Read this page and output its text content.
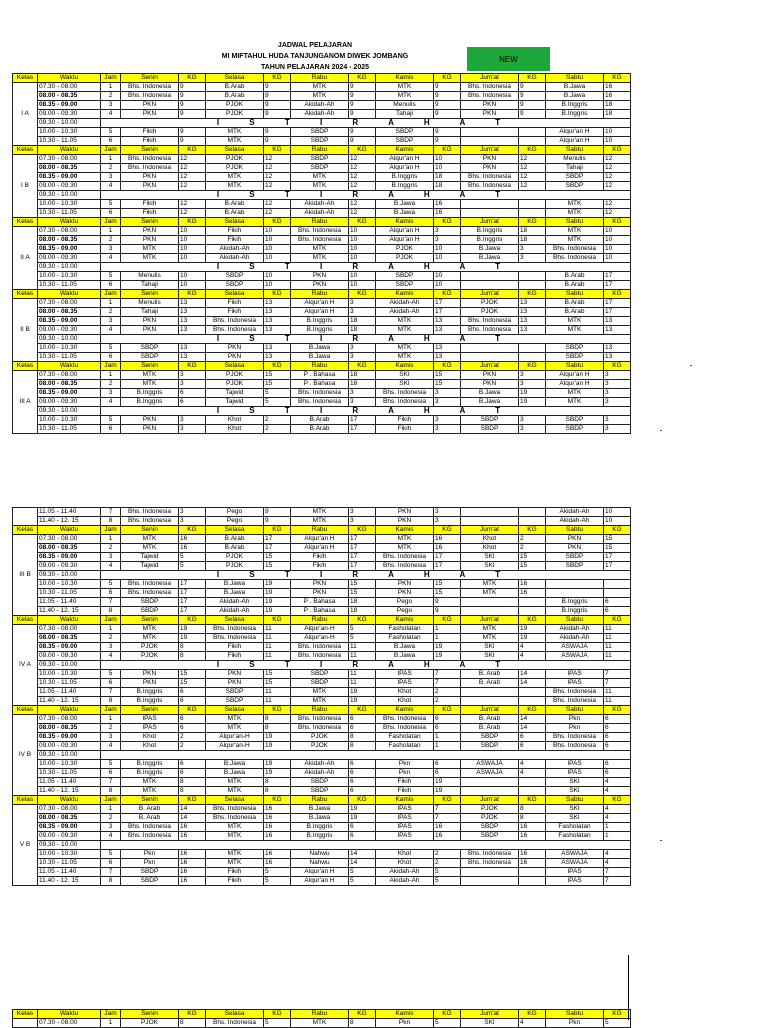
JADWAL PELAJARAN
MI MIFTAHUL HUDA TANJUNGANOM DIWEK JOMBANG
TAHUN PELAJARAN 2024 - 2025
NEW
Kelas	Waktu	Jam	Senin	KG	Selasa	KG	Rabu	KG	Kamis	KG	Jum'at	KG	Sabtu	KG
I A	07.30 - 08.00	1	Bhs. Indonesia	9	B.Arab	9	MTK	9	MTK	9	Bhs. Indonesia	9	B.Jawa	16
	08.00 - 08.35	2	Bhs. Indonesia	9	B.Arab	9	MTK	9	MTK	9	Bhs. Indonesia	9	B.Jawa	16
	08.35 - 09.00	3	PKN	9	PJOK	9	Akidah-Ah	9	Menulis	9	PKN	9	B.Inggris	18
	09.00 - 09.30	4	PKN	9	PJOK	9	Akidah-Ah	9	Tahaji	9	PKN	9	B.Inggris	18
	09.30 - 10.00	I S T I R A H A T												
	10.00 - 10.30	5	Fikih	9	MTK	9	SBDP	9	SBDP	9			Alqur'an H	10
	10.30 - 11.05	6	Fikih	9	MTK	9	SBDP	9	SBDP	9			Alqur'an H	10
Kelas	Waktu	Jam	Senin	KG	Selasa	KG	Rabu	KG	Kamis	KG	Jum'at	KG	Sabtu	KG
I B	07.30 - 08.00	1	Bhs. Indonesia	12	PJOK	12	SBDP	12	Alqur'an H	10	PKN	12	Menulis	12
	08.00 - 08.35	2	Bhs. Indonesia	12	PJOK	12	SBDP	12	Alqur'an H	10	PKN	12	Tahaji	12
	08.35 - 09.00	3	PKN	12	MTK	12	MTK	12	B.Inggris	18	Bhs. Indonesia	12	SBDP	12
	09.00 - 09.30	4	PKN	12	MTK	12	MTK	12	B.Inggris	18	Bhs. Indonesia	12	SBDP	12
	09.30 - 10.00	I S T I R A H A T												
	10.00 - 10.30	5	Fikih	12	B.Arab	12	Akidah-Ah	12	B.Jawa	16			MTK	12
	10.30 - 11.05	6	Fikih	12	B.Arab	12	Akidah-Ah	12	B.Jawa	16			MTK	12
Kelas	Waktu	Jam	Senin	KG	Selasa	KG	Rabu	KG	Kamis	KG	Jum'at	KG	Sabtu	KG
II A	07.30 - 08.00	1	PKN	10	Fikih	10	Bhs. Indonesia	10	Alqur'an H	3	B.Inggris	18	MTK	10
	08.00 - 08.35	2	PKN	10	Fikih	10	Bhs. Indonesia	10	Alqur'an H	3	B.Inggris	18	MTK	10
	08.35 - 09.00	3	MTK	10	Akidah-Ah	10	MTK	10	PJOK	10	B.Jawa	3	Bhs. Indonesia	10
	09.00 - 09.30	4	MTK	10	Akidah-Ah	10	MTK	10	PJOK	10	B.Jawa	3	Bhs. Indonesia	10
	09.30 - 10.00	I S T I R A H A T												
	10.00 - 10.30	5	Menulis	10	SBDP	10	PKN	10	SBDP	10			B.Arab	17
	10.30 - 11.05	6	Tahaji	10	SBDP	10	PKN	10	SBDP	10			B.Arab	17
Kelas	Waktu	Jam	Senin	KG	Selasa	KG	Rabu	KG	Kamis	KG	Jum'at	KG	Sabtu	KG
II B	07.30 - 08.00	1	Menulis	13	Fikih	13	Alqur'an H	3	Akidah-Ah	17	PJOK	13	B.Arab	17
	08.00 - 08.35	2	Tahaji	13	Fikih	13	Alqur'an H	3	Akidah-Ah	17	PJOK	13	B.Arab	17
	08.35 - 09.00	3	PKN	13	Bhs. Indonesia	13	B.Inggris	18	MTK	13	Bhs. Indonesia	13	MTK	13
	09.00 - 09.30	4	PKN	13	Bhs. Indonesia	13	B.Inggris	18	MTK	13	Bhs. Indonesia	13	MTK	13
	09.30 - 10.00	I S T I R A H A T												
	10.00 - 10.30	5	SBDP	13	PKN	13	B.Jawa	3	MTK	13			SBDP	13
	10.30 - 11.05	6	SBDP	13	PKN	13	B.Jawa	3	MTK	13			SBDP	13
Kelas	Waktu	Jam	Senin	KG	Selasa	KG	Rabu	KG	Kamis	KG	Jum'at	KG	Sabtu	KG
III A	07.30 - 08.00	1	MTK	3	PJOK	15	P . Bahasa	18	SKI	15	PKN	3	Alqur'an H	3
	08.00 - 08.35	2	MTK	3	PJOK	15	P . Bahasa	18	SKI	15	PKN	3	Alqur'an H	3
	08.35 - 09.00	3	B.Inggris	6	Tajwid	5	Bhs. Indonesia	3	Bhs. Indonesia	3	B.Jawa	19	MTK	3
	09.00 - 09.30	4	B.Inggris	6	Tajwid	5	Bhs. Indonesia	3	Bhs. Indonesia	3	B.Jawa	19	MTK	3
	09.30 - 10.00	I S T I R A H A T												
	10.00 - 10.30	5	PKN	3	Khot	2	B.Arab	17	Fikih	3	SBDP	3	SBDP	3
	10.30 - 11.05	6	PKN	3	Khot	2	B.Arab	17	Fikih	3	SBDP	3	SBDP	3
	11.05 - 11.40	7	Bhs. Indonesia	3	Pego	9	MTK	3	PKN	3			Akidah-Ah	10
	11.40 - 12. 15	8	Bhs. Indonesia	3	Pego	9	MTK	3	PKN	3			Akidah-Ah	10
Kelas	Waktu	Jam	Senin	KG	Selasa	KG	Rabu	KG	Kamis	KG	Jum'at	KG	Sabtu	KG
III B	07.30 - 08.00	1	MTK	16	B.Arab	17	Alqur'an H	17	MTK	16	Khot	2	PKN	15
	08.00 - 08.35	2	MTK	16	B.Arab	17	Alqur'an H	17	MTK	16	Khot	2	PKN	15
	08.35 - 09.00	3	Tajwid	5	PJOK	15	Fikih	17	Bhs. Indonesia	17	SKI	15	SBDP	17
	09.00 - 09.30	4	Tajwid	5	PJOK	15	Fikih	17	Bhs. Indonesia	17	SKI	15	SBDP	17
	09.30 - 10.00	I S T I R A H A T												
	10.00 - 10.30	5	Bhs. Indonesia	17	B.Jawa	19	PKN	15	PKN	15	MTK	16		
	10.30 - 11.05	6	Bhs. Indonesia	17	B.Jawa	19	PKN	15	PKN	15	MTK	16		
	11.05 - 11.40	7	SBDP	17	Akidah-Ah	19	P . Bahasa	18	Pego	9			B.Inggris	6
	11.40 - 12. 15	8	SBDP	17	Akidah-Ah	19	P . Bahasa	18	Pego	9			B.Inggris	6
Kelas	Waktu	Jam	Senin	KG	Selasa	KG	Rabu	KG	Kamis	KG	Jum'at	KG	Sabtu	KG
IV A	07.30 - 08.00	1	MTK	19	Bhs. Indonesia	11	Alqur'an-H	5	Fasholatan	1	MTK	19	Akidah-Ah	11
	08.00 - 08.35	2	MTK	19	Bhs. Indonesia	11	Alqur'an-H	5	Fasholatan	1	MTK	19	Akidah-Ah	11
	08.35 - 09.00	3	PJOK	8	Fikih	11	Bhs. Indonesia	11	B.Jawa	19	SKI	4	ASWAJA	11
	09.00 - 09.30	4	PJOK	8	Fikih	11	Bhs. Indonesia	11	B.Jawa	19	SKI	4	ASWAJA	11
	09.30 - 10.00	I S T I R A H A T												
	10.00 - 10.30	5	PKN	15	PKN	15	SBDP	11	IPAS	7	B. Arab	14	IPAS	7
	10.30 - 11.05	6	PKN	15	PKN	15	SBDP	11	IPAS	7	B. Arab	14	IPAS	7
	11.05 - 11.40	7	B.Inggris	6	SBDP	11	MTK	19	Khot	2			Bhs. Indonesia	11
	11.40 - 12. 15	8	B.Inggris	6	SBDP	11	MTK	19	Khot	2			Bhs. Indonesia	11
Kelas	Waktu	Jam	Senin	KG	Selasa	KG	Rabu	KG	Kamis	KG	Jum'at	KG	Sabtu	KG
IV B	07.30 - 08.00	1	IPAS	6	MTK	8	Bhs. Indonesia	6	Bhs. Indonesia	6	B. Arab	14	Pkn	6
	08.00 - 08.35	2	IPAS	6	MTK	8	Bhs. Indonesia	6	Bhs. Indonesia	6	B. Arab	14	Pkn	6
	08.35 - 09.00	3	Khot	2	Alqur'an-H	19	PJOK	8	Fasholatan	1	SBDP	6	Bhs. Indonesia	6
	09.00 - 09.30	4	Khot	2	Alqur'an-H	19	PJOK	8	Fasholatan	1	SBDP	6	Bhs. Indonesia	6
	09.30 - 10.00													
	10.00 - 10.30	5	B.Inggris	6	B.Jawa	19	Akidah-Ah	6	Pkn	6	ASWAJA	4	IPAS	6
	10.30 - 11.05	6	B.Inggris	6	B.Jawa	19	Akidah-Ah	6	Pkn	6	ASWAJA	4	IPAS	6
	11.05 - 11.40	7	MTK	8	MTK	8	SBDP	6	Fikih	19			SKI	4
	11.40 - 12. 15	8	MTK	8	MTK	8	SBDP	6	Fikih	19			SKI	4
Kelas	Waktu	Jam	Senin	KG	Selasa	KG	Rabu	KG	Kamis	KG	Jum'at	KG	Sabtu	KG
V B	07.30 - 08.00	1	B. Arab	14	Bhs. Indonesia	16	B.Jawa	19	IPAS	7	PJOK	8	SKI	4
	08.00 - 08.35	2	B. Arab	14	Bhs. Indonesia	16	B.Jawa	19	IPAS	7	PJOK	8	SKI	4
	08.35 - 09.00	3	Bhs. Indonesia	16	MTK	16	B.Inggris	6	IPAS	16	SBDP	16	Fasholatan	1
	09.00 - 09.30	4	Bhs. Indonesia	16	MTK	16	B.Inggris	6	IPAS	16	SBDP	16	Fasholatan	1
	09.30 - 10.00													
	10.00 - 10.30	5	Pkn	16	MTK	16	Nahwu	14	Khot	2	Bhs. Indonesia	16	ASWAJA	4
	10.30 - 11.05	6	Pkn	16	MTK	16	Nahwu	14	Khot	2	Bhs. Indonesia	16	ASWAJA	4
	11.05 - 11.40	7	SBDP	16	Fikih	5	Alqur'an H	5	Akidah-Ah	5			IPAS	7
	11.40 - 12. 15	8	SBDP	16	Fikih	5	Alqur'an H	5	Akidah-Ah	5			IPAS	7
Kelas	Waktu	Jam	Senin	KG	Selasa	KG	Rabu	KG	Kamis	KG	Jum'at	KG	Sabtu	KG
	07.30 - 08.00	1	PJOK	8	Bhs. Indonesia	5	MTK	8	Pkn	5	SKI	4	Pkn	5
